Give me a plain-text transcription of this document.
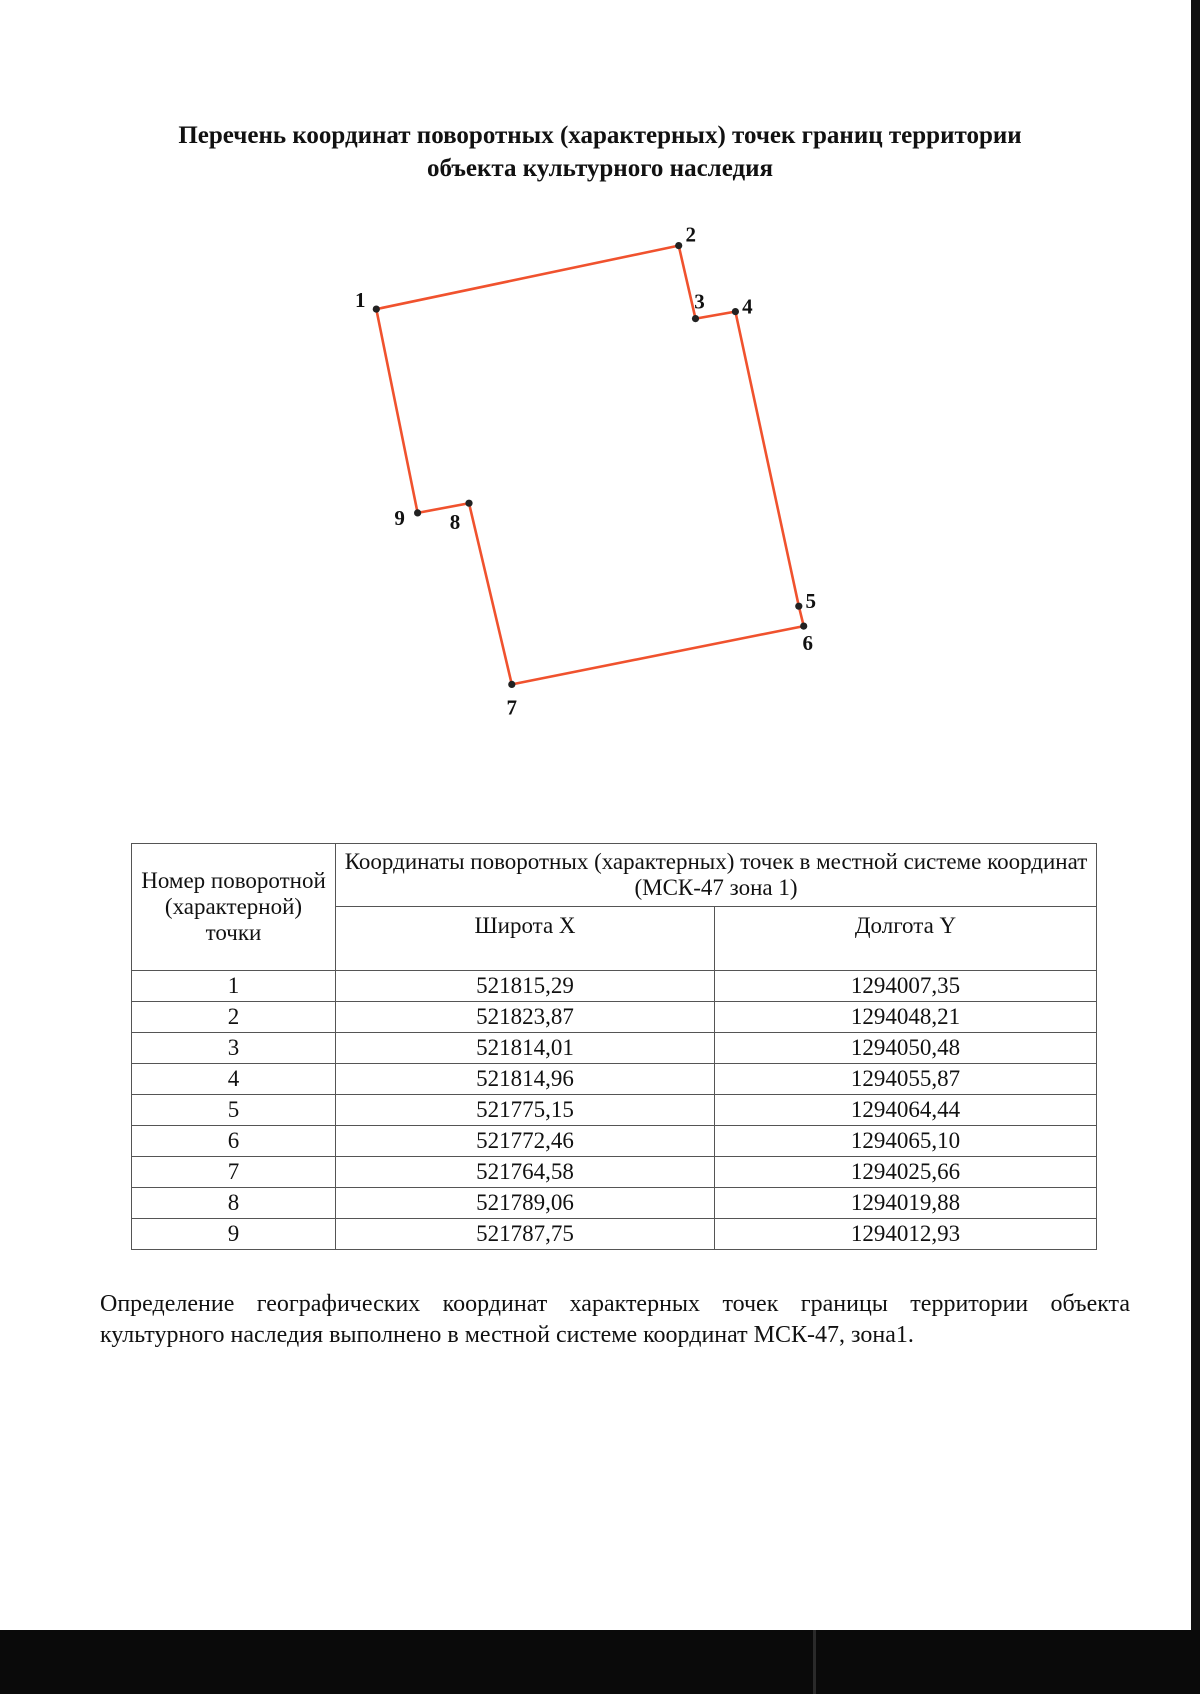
Перечень координат поворотных (характерных) точек границ территории
объекта культурного наследия
1
2
3 4
5
6
7
8
9
Номер поворотной (характерной) точки	Координаты поворотных (характерных) точек в местной системе координат (МСК-47 зона 1)	
	Широта X	Долгота Y
1	521815,29	1294007,35
2	521823,87	1294048,21
3	521814,01	1294050,48
4	521814,96	1294055,87
5	521775,15	1294064,44
6	521772,46	1294065,10
7	521764,58	1294025,66
8	521789,06	1294019,88
9	521787,75	1294012,93

Определение географических координат характерных точек границы территории объекта культурного наследия выполнено в местной системе координат МСК-47, зона1.
